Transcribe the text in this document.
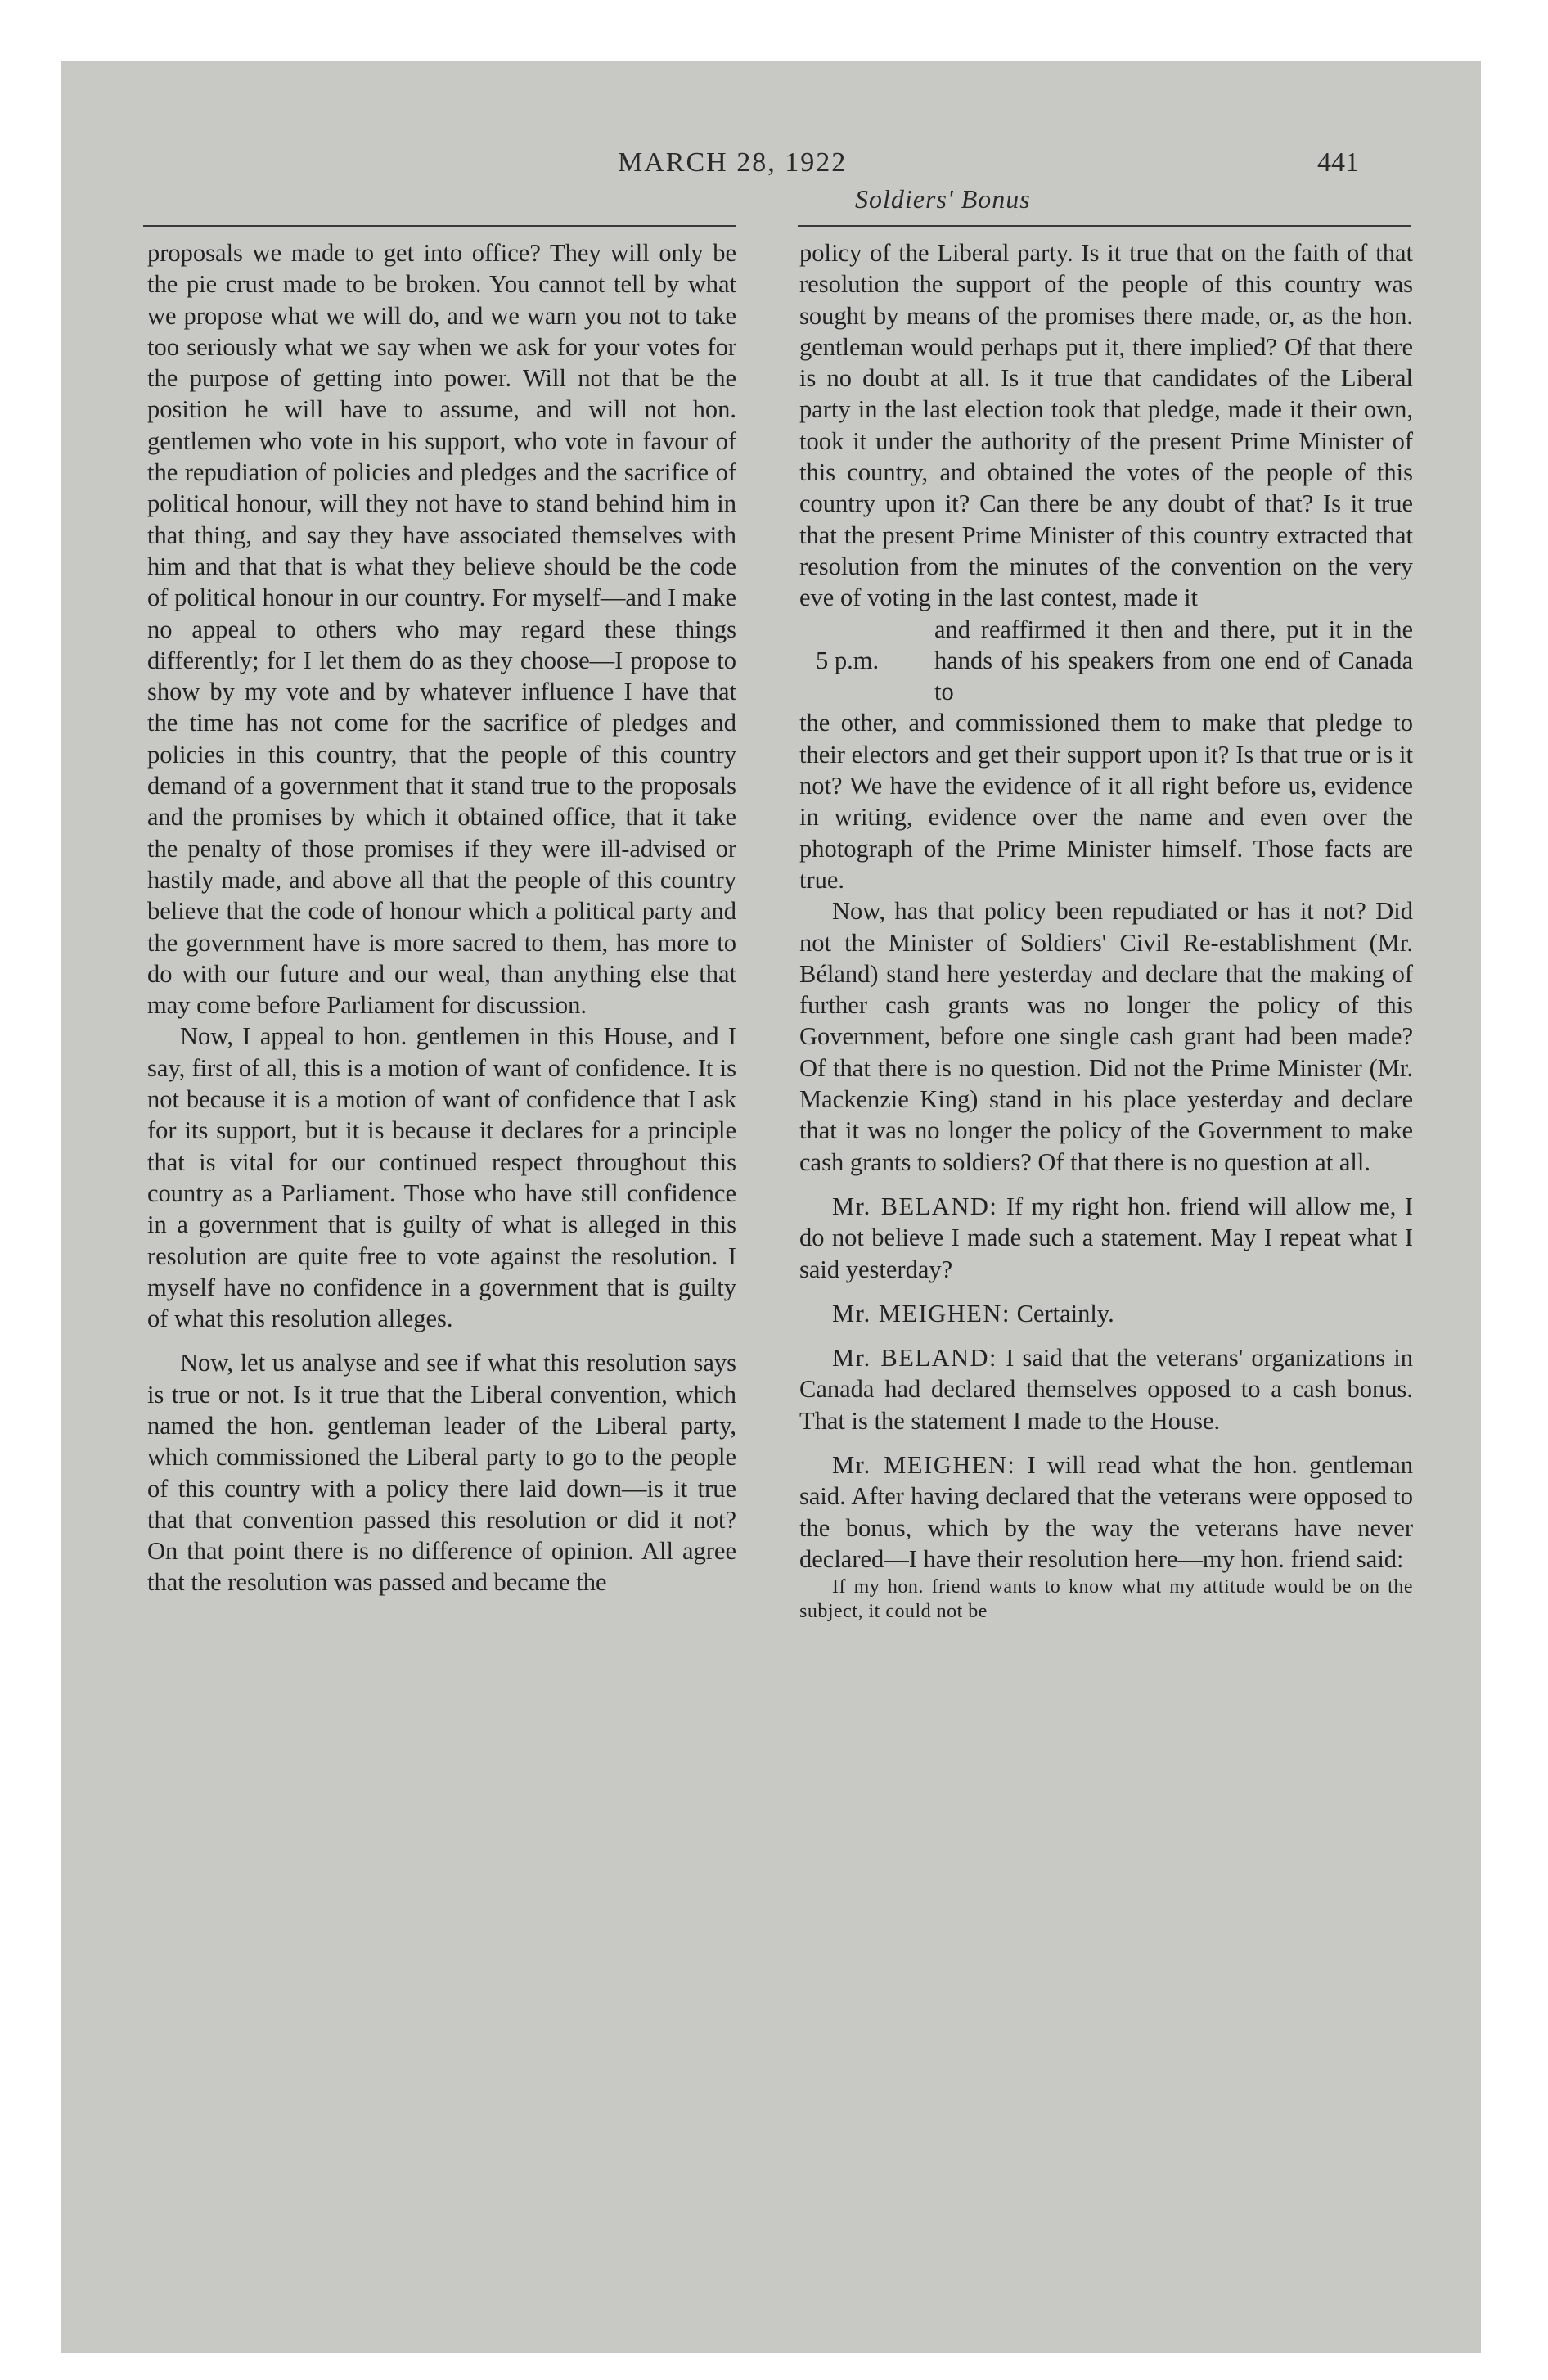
MARCH 28, 1922	441
Soldiers' Bonus

proposals we made to get into office? They will only be the pie crust made to be broken. You cannot tell by what we propose what we will do, and we warn you not to take too seriously what we say when we ask for your votes for the purpose of getting into power. Will not that be the position he will have to assume, and will not hon. gentlemen who vote in his support, who vote in favour of the repudiation of policies and pledges and the sacrifice of political honour, will they not have to stand behind him in that thing, and say they have associated themselves with him and that that is what they believe should be the code of political honour in our country. For myself—and I make no appeal to others who may regard these things differently; for I let them do as they choose—I propose to show by my vote and by whatever influence I have that the time has not come for the sacrifice of pledges and policies in this country, that the people of this country demand of a government that it stand true to the proposals and the promises by which it obtained office, that it take the penalty of those promises if they were ill-advised or hastily made, and above all that the people of this country believe that the code of honour which a political party and the government have is more sacred to them, has more to do with our future and our weal, than anything else that may come before Parliament for discussion.

Now, I appeal to hon. gentlemen in this House, and I say, first of all, this is a motion of want of confidence. It is not because it is a motion of want of confidence that I ask for its support, but it is because it declares for a principle that is vital for our continued respect throughout this country as a Parliament. Those who have still confidence in a government that is guilty of what is alleged in this resolution are quite free to vote against the resolution. I myself have no confidence in a government that is guilty of what this resolution alleges.

Now, let us analyse and see if what this resolution says is true or not. Is it true that the Liberal convention, which named the hon. gentleman leader of the Liberal party, which commissioned the Liberal party to go to the people of this country with a policy there laid down—is it true that that convention passed this resolution or did it not? On that point there is no difference of opinion. All agree that the resolution was passed and became the

policy of the Liberal party. Is it true that on the faith of that resolution the support of the people of this country was sought by means of the promises there made, or, as the hon. gentleman would perhaps put it, there implied? Of that there is no doubt at all. Is it true that candidates of the Liberal party in the last election took that pledge, made it their own, took it under the authority of the present Prime Minister of this country, and obtained the votes of the people of this country upon it? Can there be any doubt of that? Is it true that the present Prime Minister of this country extracted that resolution from the minutes of the convention on the very eve of voting in the last contest, made it

5 p.m.
and reaffirmed it then and there, put it in the hands of his speakers from one end of Canada to

the other, and commissioned them to make that pledge to their electors and get their support upon it? Is that true or is it not? We have the evidence of it all right before us, evidence in writing, evidence over the name and even over the photograph of the Prime Minister himself. Those facts are true.

Now, has that policy been repudiated or has it not? Did not the Minister of Soldiers' Civil Re-establishment (Mr. Béland) stand here yesterday and declare that the making of further cash grants was no longer the policy of this Government, before one single cash grant had been made? Of that there is no question. Did not the Prime Minister (Mr. Mackenzie King) stand in his place yesterday and declare that it was no longer the policy of the Government to make cash grants to soldiers? Of that there is no question at all.

Mr. BELAND: If my right hon. friend will allow me, I do not believe I made such a statement. May I repeat what I said yesterday?

Mr. MEIGHEN: Certainly.

Mr. BELAND: I said that the veterans' organizations in Canada had declared themselves opposed to a cash bonus. That is the statement I made to the House.

Mr. MEIGHEN: I will read what the hon. gentleman said. After having declared that the veterans were opposed to the bonus, which by the way the veterans have never declared—I have their resolution here—my hon. friend said:

If my hon. friend wants to know what my attitude would be on the subject, it could not be
